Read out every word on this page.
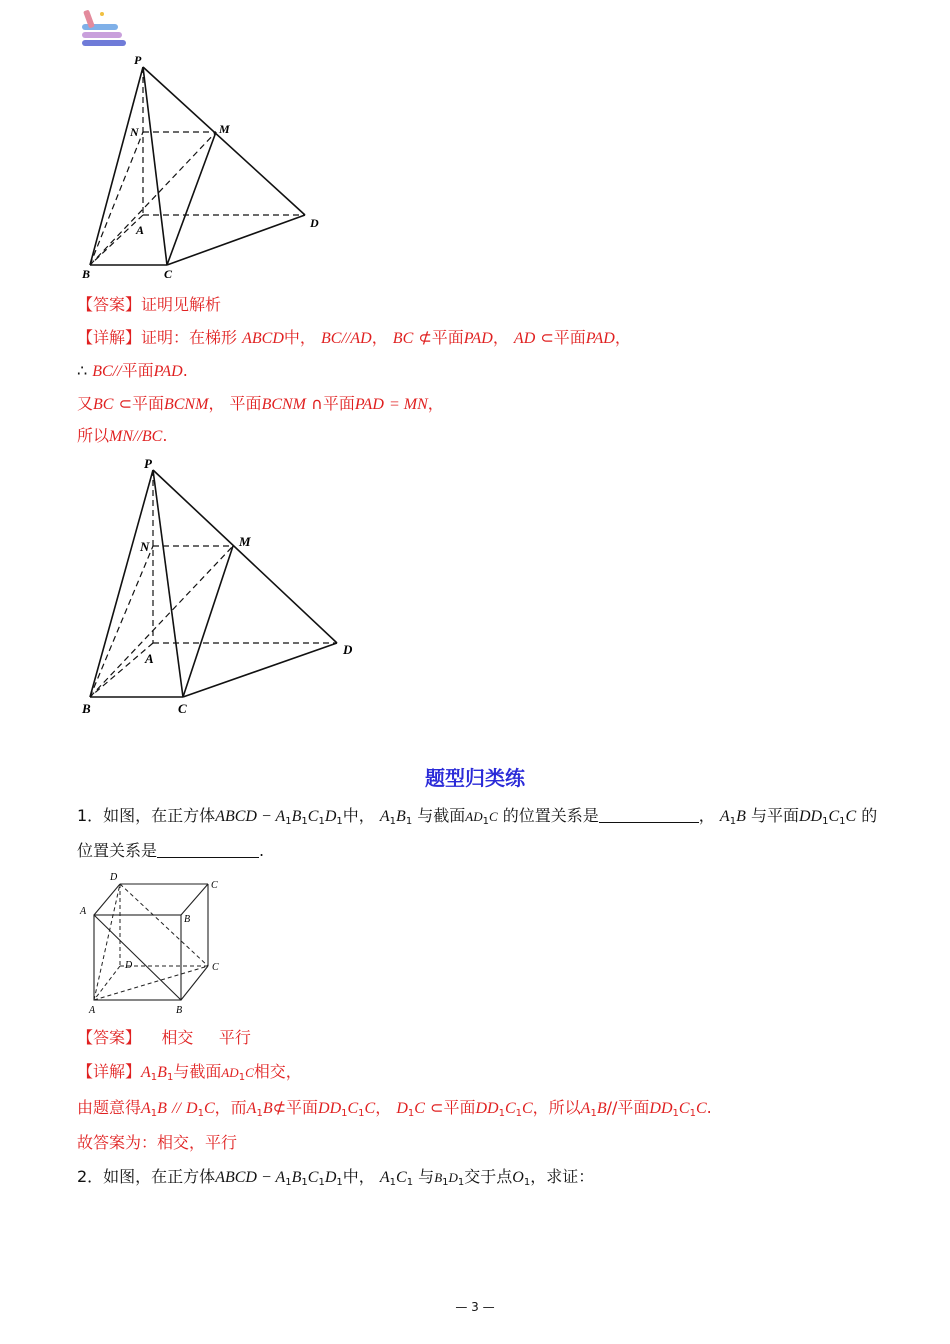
P
N	M
A
B	C
D
【答案】证明见解析
【详解】证明：在梯形 ABCD中， BC//AD， BC ⊄平面PAD， AD ⊂平面PAD，
∴ BC//平面PAD.
又BC ⊂平面BCNM， 平面BCNM ∩平面PAD = MN，
所以MN//BC.
P
N	M
A
B	C
D
题型归类练
1．如图，在正方体ABCD − $A_1B_1C_1D_1$中， $A_1B_1$ 与截面$AD_1C$ 的位置关系是	， $A_1B$ 与平面$DD_1C_1C$ 的
位置关系是	.
D
C
A
B
D	C
A	B
【答案】 相交 平行
【详解】$A_1B_1$与截面$AD_1C$相交，
由题意得$A_1B // D_1C$，而$A_1B⊄$平面$DD_1C_1C$， $D_1C$ ⊂平面$DD_1C_1C$，所以$A_1B//$平面$DD_1C_1C$.
故答案为：相交，平行
2．如图，在正方体ABCD − $A_1B_1C_1D_1$中， $A_1C_1$ 与$B_1D_1$交于点$O_1$，求证：
— 3 —
